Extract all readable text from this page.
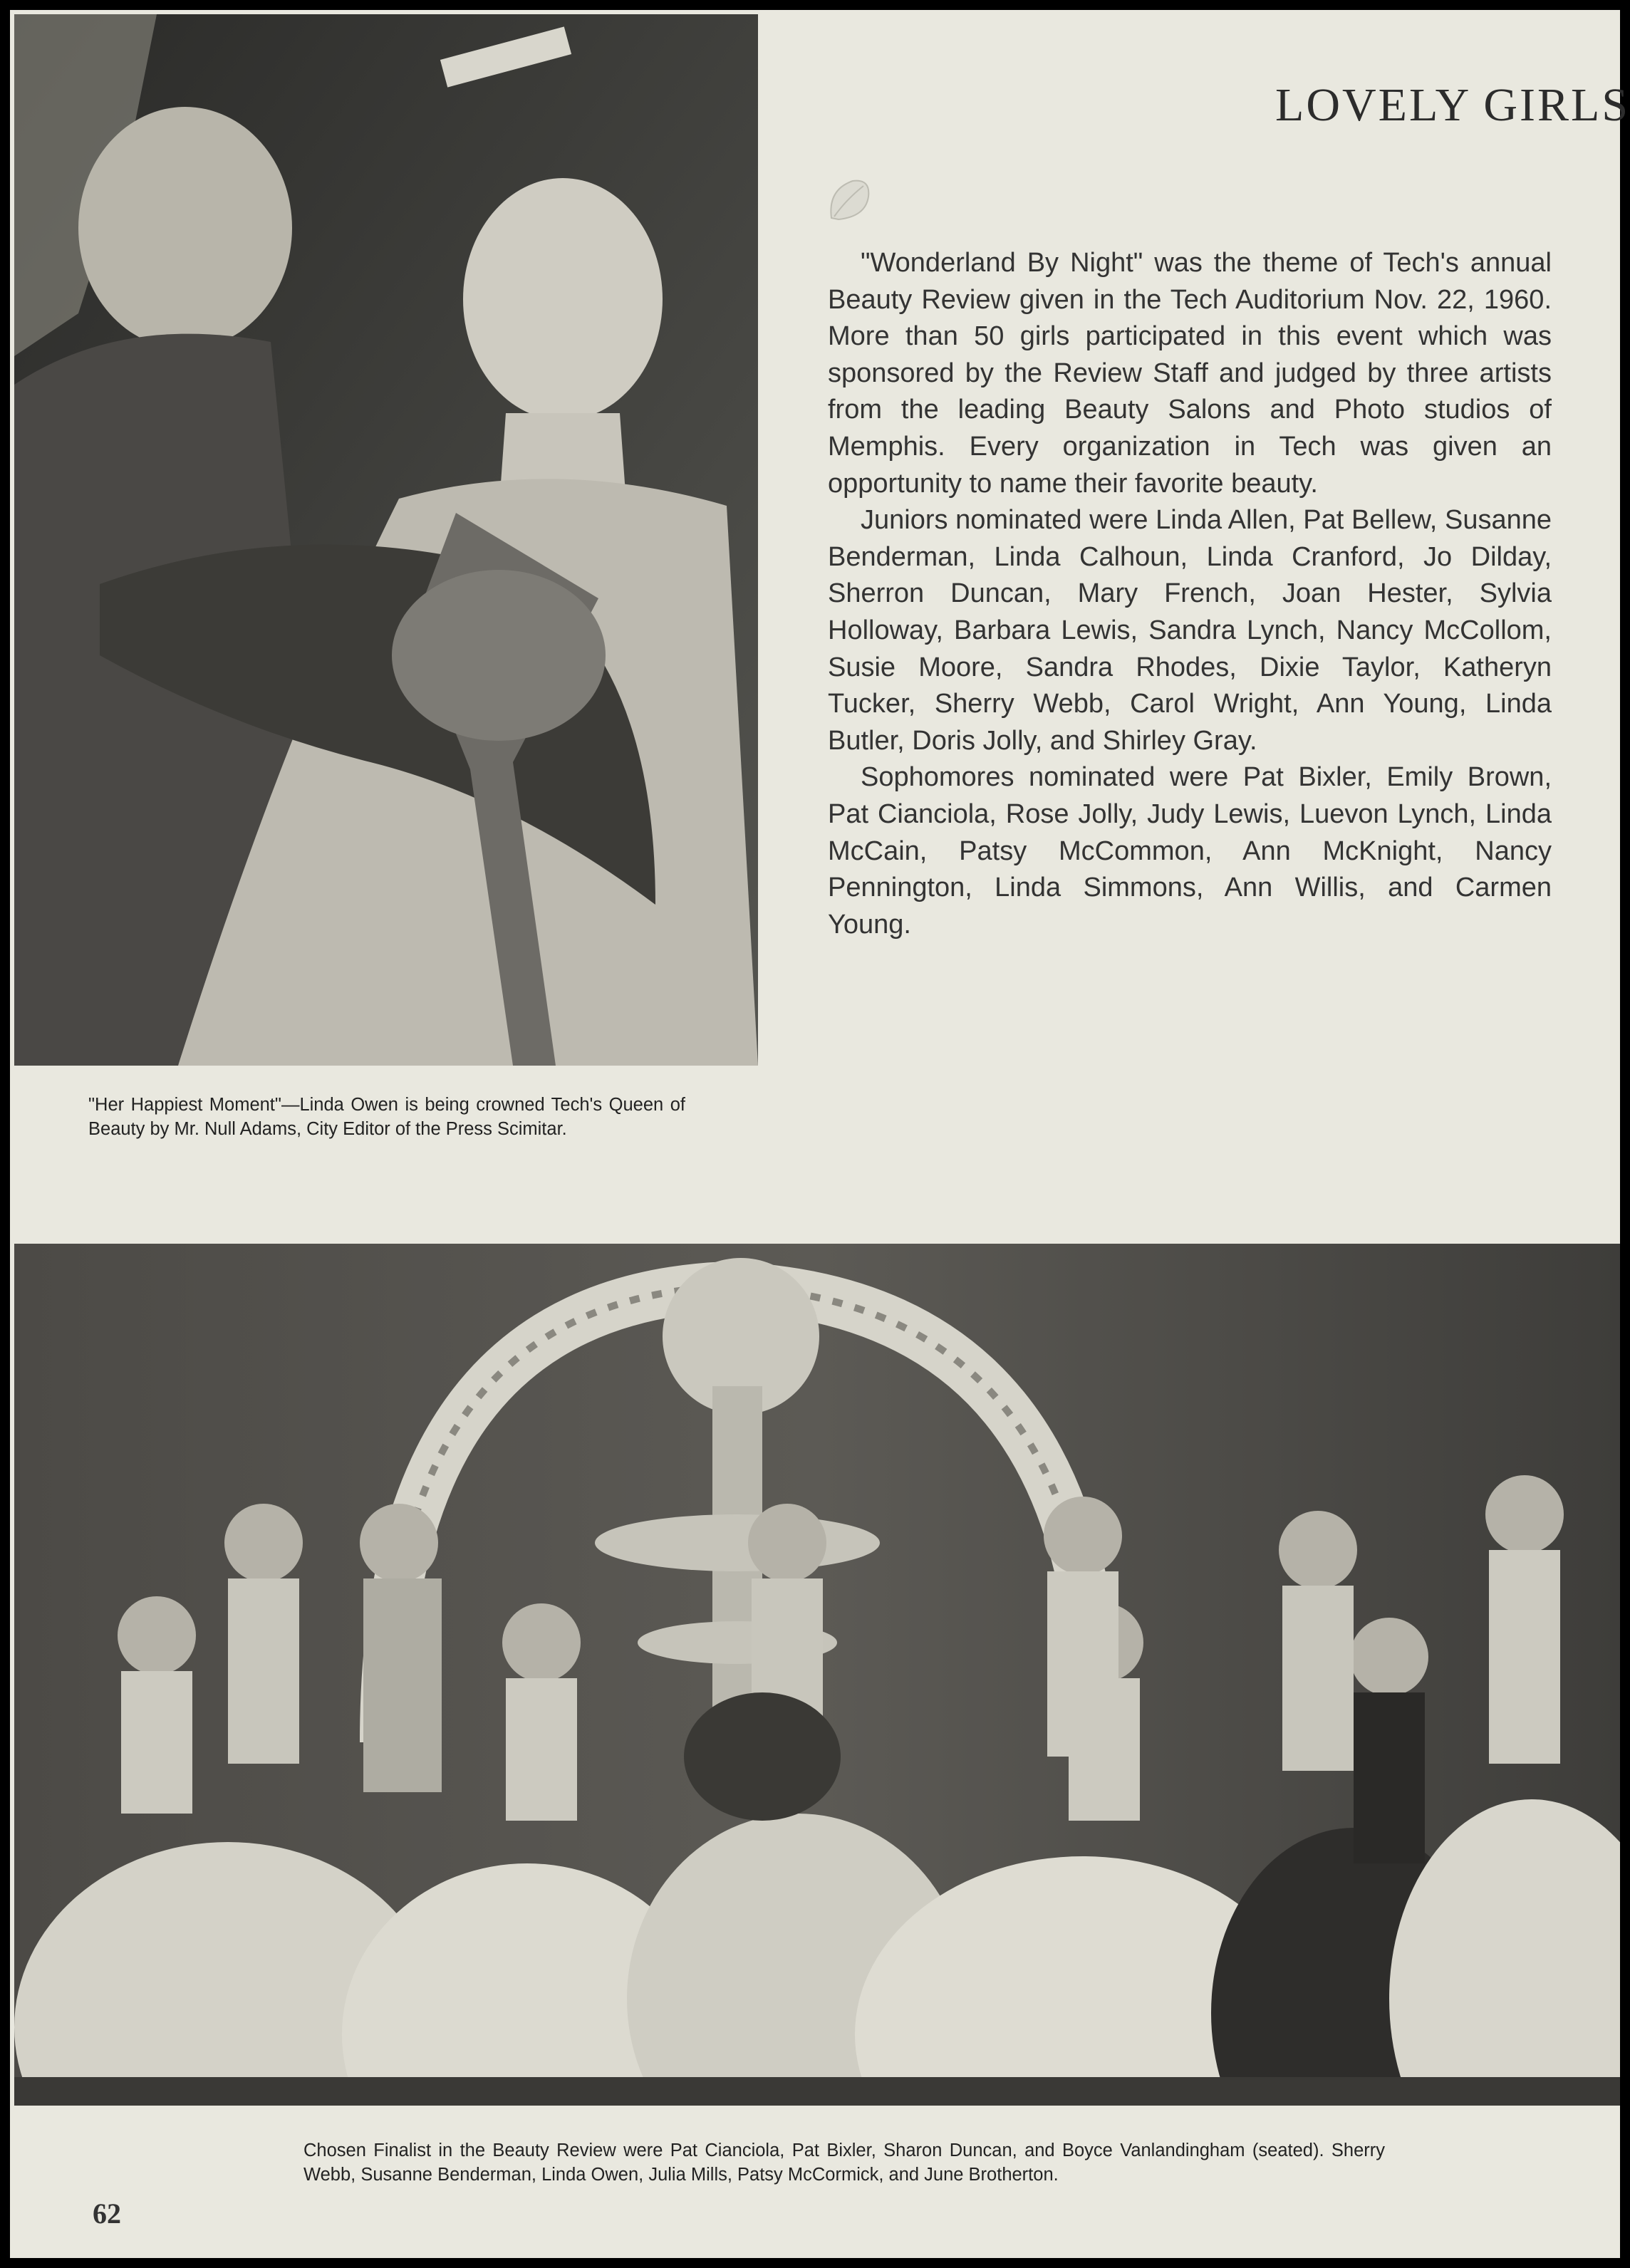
LOVELY GIRLS

"Wonderland By Night" was the theme of Tech's annual Beauty Review given in the Tech Auditorium Nov. 22, 1960. More than 50 girls participated in this event which was sponsored by the Review Staff and judged by three artists from the leading Beauty Salons and Photo studios of Memphis. Every organization in Tech was given an opportunity to name their favorite beauty.

Juniors nominated were Linda Allen, Pat Bellew, Susanne Benderman, Linda Calhoun, Linda Cranford, Jo Dilday, Sherron Duncan, Mary French, Joan Hester, Sylvia Holloway, Barbara Lewis, Sandra Lynch, Nancy McCollom, Susie Moore, Sandra Rhodes, Dixie Taylor, Katheryn Tucker, Sherry Webb, Carol Wright, Ann Young, Linda Butler, Doris Jolly, and Shirley Gray.

Sophomores nominated were Pat Bixler, Emily Brown, Pat Cianciola, Rose Jolly, Judy Lewis, Luevon Lynch, Linda McCain, Patsy McCommon, Ann McKnight, Nancy Pennington, Linda Simmons, Ann Willis, and Carmen Young.

"Her Happiest Moment"—Linda Owen is being crowned Tech's Queen of Beauty by Mr. Null Adams, City Editor of the Press Scimitar.
Chosen Finalist in the Beauty Review were Pat Cianciola, Pat Bixler, Sharon Duncan, and Boyce Vanlandingham (seated). Sherry Webb, Susanne Benderman, Linda Owen, Julia Mills, Patsy McCormick, and June Brotherton.
62
